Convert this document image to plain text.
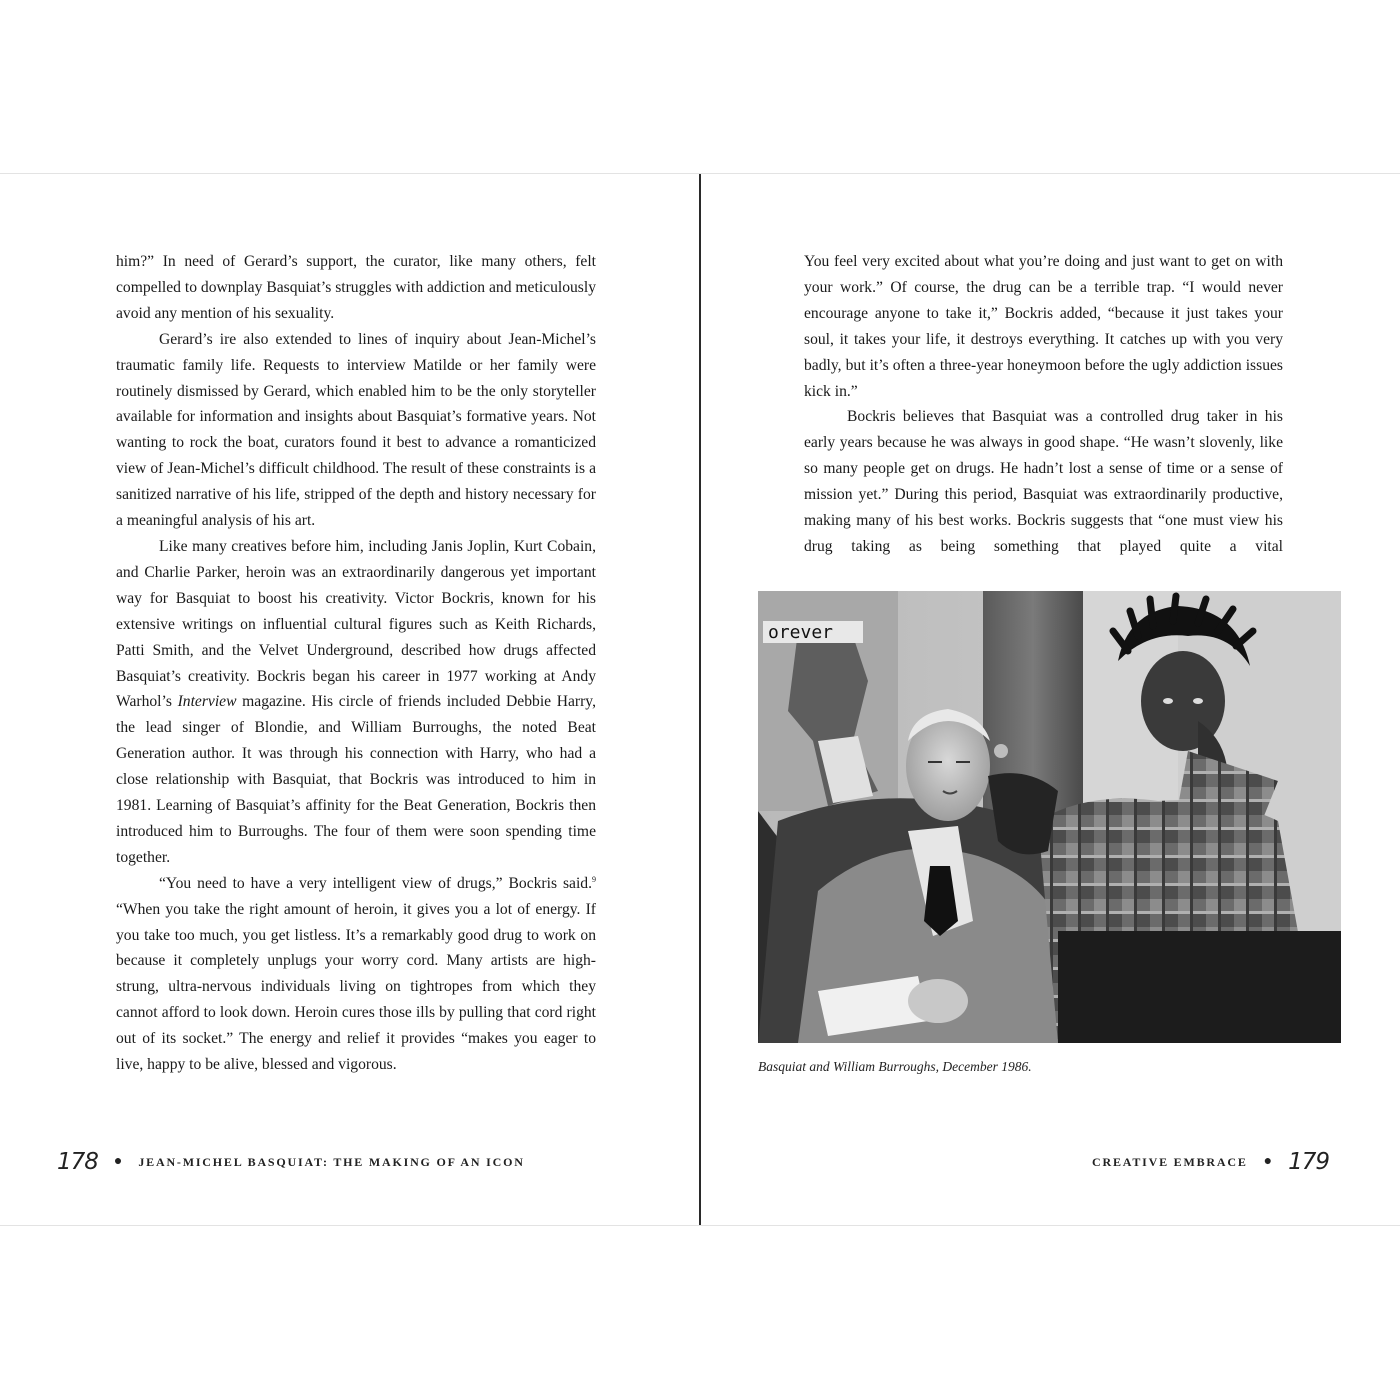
him?” In need of Gerard’s support, the curator, like many others, felt compelled to downplay Basquiat’s struggles with addiction and meticulously avoid any mention of his sexuality.

Gerard’s ire also extended to lines of inquiry about Jean-Michel’s traumatic family life. Requests to interview Matilde or her family were routinely dismissed by Gerard, which enabled him to be the only storyteller available for information and insights about Basquiat’s formative years. Not wanting to rock the boat, curators found it best to advance a romanticized view of Jean-Michel’s difficult childhood. The result of these constraints is a sanitized narrative of his life, stripped of the depth and history necessary for a meaningful analysis of his art.

Like many creatives before him, including Janis Joplin, Kurt Cobain, and Charlie Parker, heroin was an extraordinarily dangerous yet important way for Basquiat to boost his creativity. Victor Bockris, known for his extensive writings on influential cultural figures such as Keith Richards, Patti Smith, and the Velvet Underground, described how drugs affected Basquiat’s creativity. Bockris began his career in 1977 working at Andy Warhol’s Interview magazine. His circle of friends included Debbie Harry, the lead singer of Blondie, and William Burroughs, the noted Beat Generation author. It was through his connection with Harry, who had a close relationship with Basquiat, that Bockris was introduced to him in 1981. Learning of Basquiat’s affinity for the Beat Generation, Bockris then introduced him to Burroughs. The four of them were soon spending time together.

“You need to have a very intelligent view of drugs,” Bockris said.$^9$ “When you take the right amount of heroin, it gives you a lot of energy. If you take too much, you get listless. It’s a remarkably good drug to work on because it completely unplugs your worry cord. Many artists are high-strung, ultra-nervous individuals living on tightropes from which they cannot afford to look down. Heroin cures those ills by pulling that cord right out of its socket.” The energy and relief it provides “makes you eager to live, happy to be alive, blessed and vigorous.

178 ● JEAN-MICHEL BASQUIAT: THE MAKING OF AN ICON

You feel very excited about what you’re doing and just want to get on with your work.” Of course, the drug can be a terrible trap. “I would never encourage anyone to take it,” Bockris added, “because it just takes your soul, it takes your life, it destroys everything. It catches up with you very badly, but it’s often a three-year honeymoon before the ugly addiction issues kick in.”

Bockris believes that Basquiat was a controlled drug taker in his early years because he was always in good shape. “He wasn’t slovenly, like so many people get on drugs. He hadn’t lost a sense of time or a sense of mission yet.” During this period, Basquiat was extraordinarily productive, making many of his best works. Bockris suggests that “one must view his drug taking as being something that played quite a vital

orever
Basquiat and William Burroughs, December 1986.
CREATIVE EMBRACE ● 179
